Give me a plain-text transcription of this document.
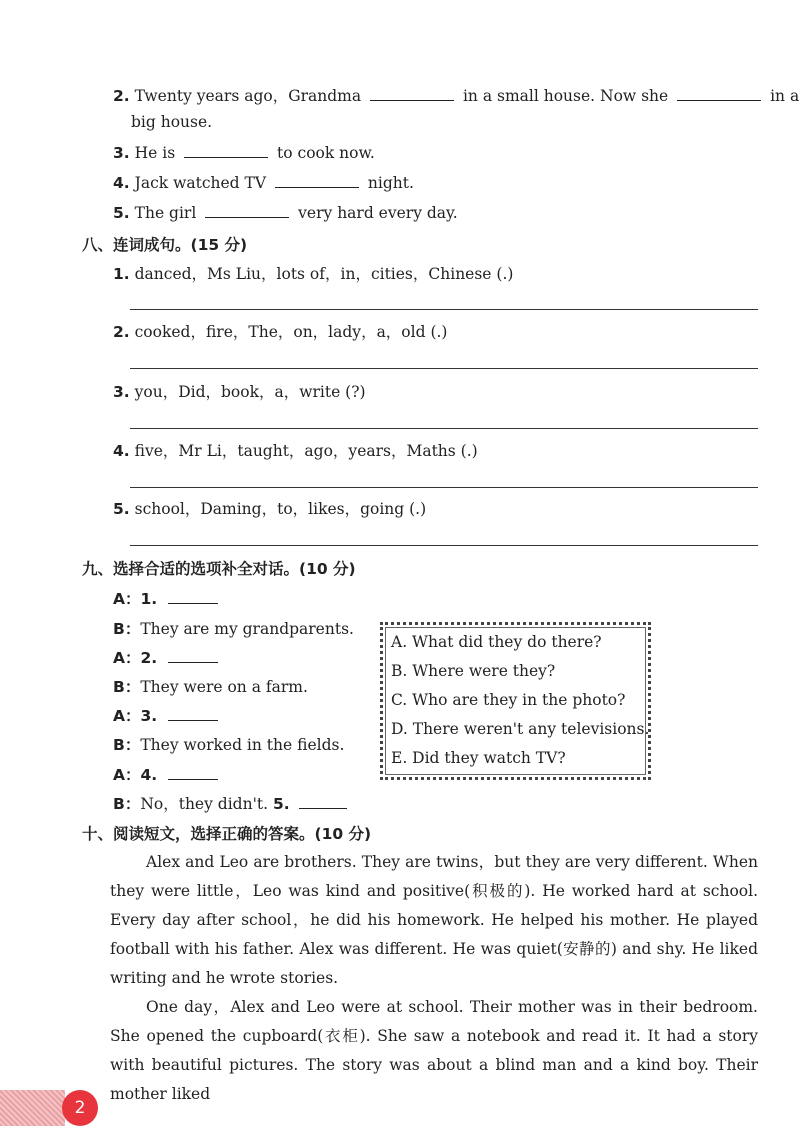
2. Twenty years ago，Grandma	in a small house. Now she	in a
big house.
3. He is	to cook now.
4. Jack watched TV	night.
5. The girl	very hard every day.
八、连词成句。(15 分)
1. danced，Ms Liu，lots of，in，cities，Chinese (.)
2. cooked，fire，The，on，lady，a，old (.)
3. you，Did，book，a，write (?)
4. five，Mr Li，taught，ago，years，Maths (.)
5. school，Daming，to，likes，going (.)
九、选择合适的选项补全对话。(10 分)
A：1.
B：They are my grandparents.
A：2.
B：They were on a farm.
A：3.
B：They worked in the fields.
A：4.
B：No，they didn't. 5.
A. What did they do there?
B. Where were they?
C. Who are they in the photo?
D. There weren't any televisions.
E. Did they watch TV?
十、阅读短文，选择正确的答案。(10 分)

Alex and Leo are brothers. They are twins，but they are very different. When they were little，Leo was kind and positive(积极的). He worked hard at school. Every day after school，he did his homework. He helped his mother. He played football with his father. Alex was different. He was quiet(安静的) and shy. He liked writing and he wrote stories.

One day，Alex and Leo were at school. Their mother was in their bedroom. She opened the cupboard(衣柜). She saw a notebook and read it. It had a story with beautiful pictures. The story was about a blind man and a kind boy. Their mother liked

2
